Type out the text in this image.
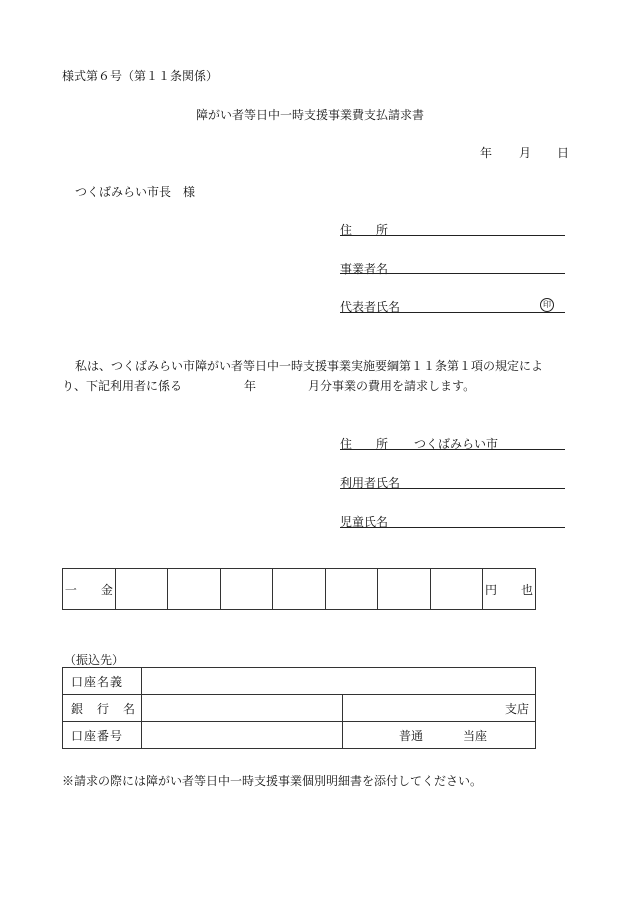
様式第６号（第１１条関係）
障がい者等日中一時支援事業費支払請求書
年 月 日
つくばみらい市長　様
住　　所
事業者名
代表者氏名	印
私は、つくばみらい市障がい者等日中一時支援事業実施要綱第１１条第１項の規定によ
り、下記利用者に係る	年	月分事業の費用を請求します。
住　　所 つくばみらい市
利用者氏名
児童氏名
一　　金								円　　也
（振込先）
口座名義		
銀　行　名		支店
口座番号		普通 当座
※請求の際には障がい者等日中一時支援事業個別明細書を添付してください。
